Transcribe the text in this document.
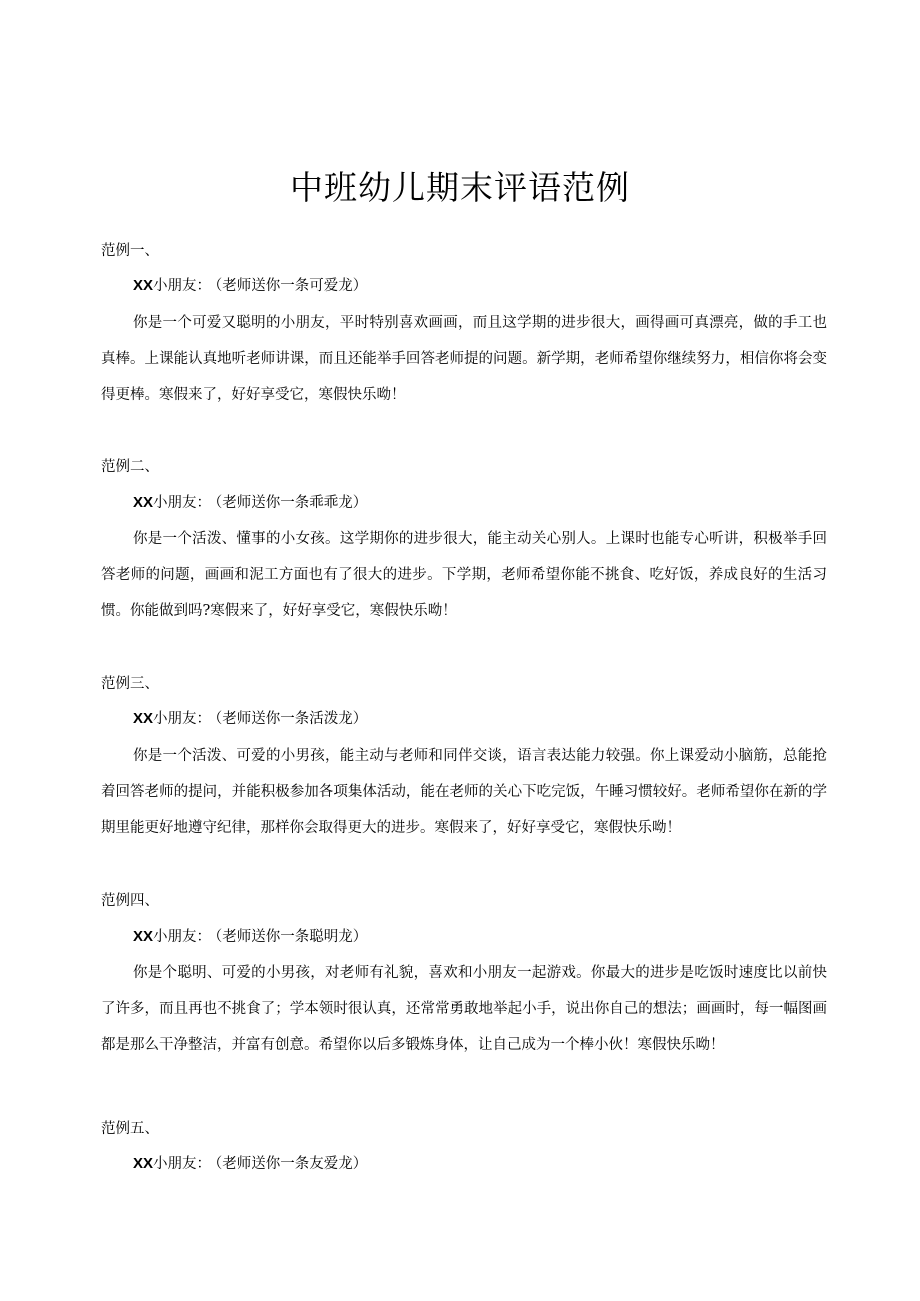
中班幼儿期末评语范例
范例一、
XX小朋友： （老师送你一条可爱龙）

你是一个可爱又聪明的小朋友，平时特别喜欢画画，而且这学期的进步很大，画得画可真漂亮，做的手工也真棒。上课能认真地听老师讲课，而且还能举手回答老师提的问题。新学期，老师希望你继续努力，相信你将会变得更棒。寒假来了，好好享受它，寒假快乐呦！

范例二、
XX小朋友： （老师送你一条乖乖龙）

你是一个活泼、懂事的小女孩。这学期你的进步很大，能主动关心别人。上课时也能专心听讲，积极举手回答老师的问题，画画和泥工方面也有了很大的进步。下学期，老师希望你能不挑食、吃好饭，养成良好的生活习惯。你能做到吗?寒假来了，好好享受它，寒假快乐呦！

范例三、
XX小朋友： （老师送你一条活泼龙）

你是一个活泼、可爱的小男孩，能主动与老师和同伴交谈，语言表达能力较强。你上课爱动小脑筋，总能抢着回答老师的提问，并能积极参加各项集体活动，能在老师的关心下吃完饭，午睡习惯较好。老师希望你在新的学期里能更好地遵守纪律，那样你会取得更大的进步。寒假来了，好好享受它，寒假快乐呦！

范例四、
XX小朋友： （老师送你一条聪明龙）

你是个聪明、可爱的小男孩，对老师有礼貌，喜欢和小朋友一起游戏。你最大的进步是吃饭时速度比以前快了许多，而且再也不挑食了；学本领时很认真，还常常勇敢地举起小手，说出你自己的想法；画画时，每一幅图画都是那么干净整洁，并富有创意。希望你以后多锻炼身体，让自己成为一个棒小伙！寒假快乐呦！

范例五、
XX小朋友： （老师送你一条友爱龙）
